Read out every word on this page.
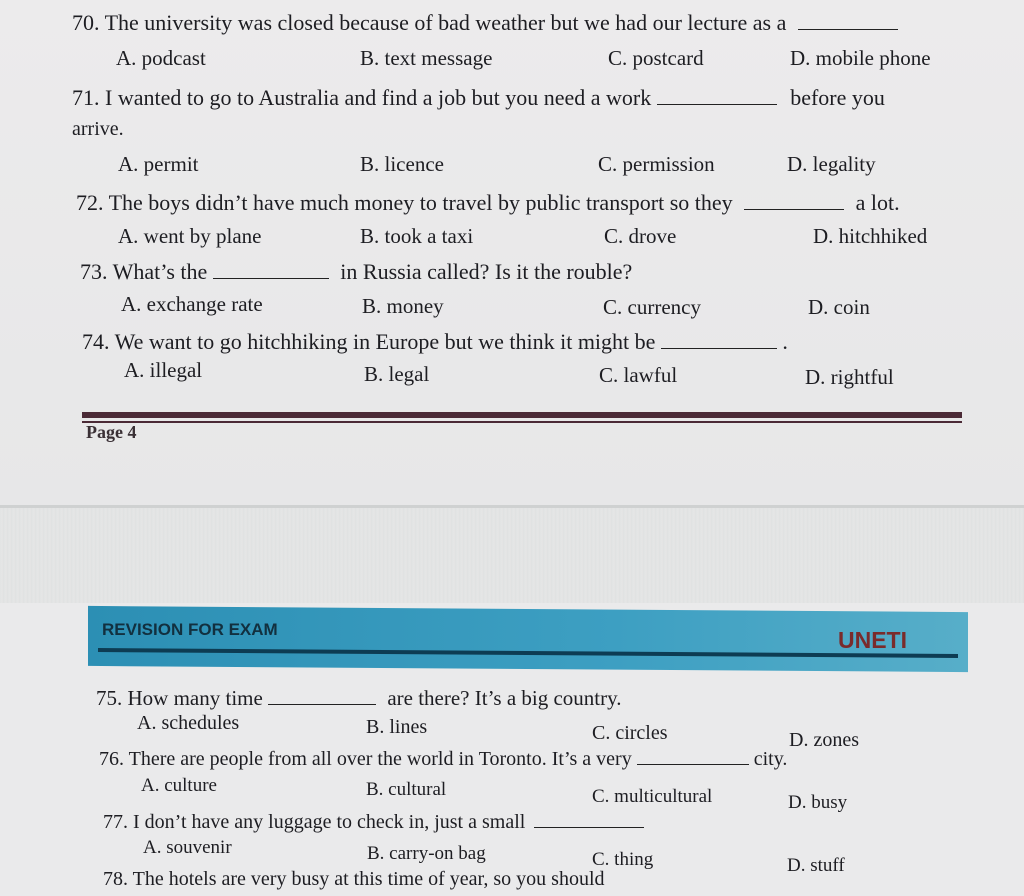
70. The university was closed because of bad weather but we had our lecture as a
A. podcast	B. text message	C. postcard	D. mobile phone
71. I wanted to go to Australia and find a job but you need a work	before you
arrive.
A. permit	B. licence	C. permission	D. legality
72. The boys didn’t have much money to travel by public transport so they	a lot.
A. went by plane	B. took a taxi	C. drove	D. hitchhiked
73. What’s the	in Russia called? Is it the rouble?
A. exchange rate	B. money	C. currency	D. coin
74. We want to go hitchhiking in Europe but we think it might be	.
A. illegal	B. legal	C. lawful	D. rightful
Page 4
REVISION FOR EXAM	UNETI
75. How many time	are there? It’s a big country.
A. schedules	B. lines	C. circles	D. zones
76. There are people from all over the world in Toronto. It’s a very	city.
A. culture	B. cultural	C. multicultural	D. busy
77. I don’t have any luggage to check in, just a small
A. souvenir	B. carry-on bag	C. thing	D. stuff
78. The hotels are very busy at this time of year, so you should
